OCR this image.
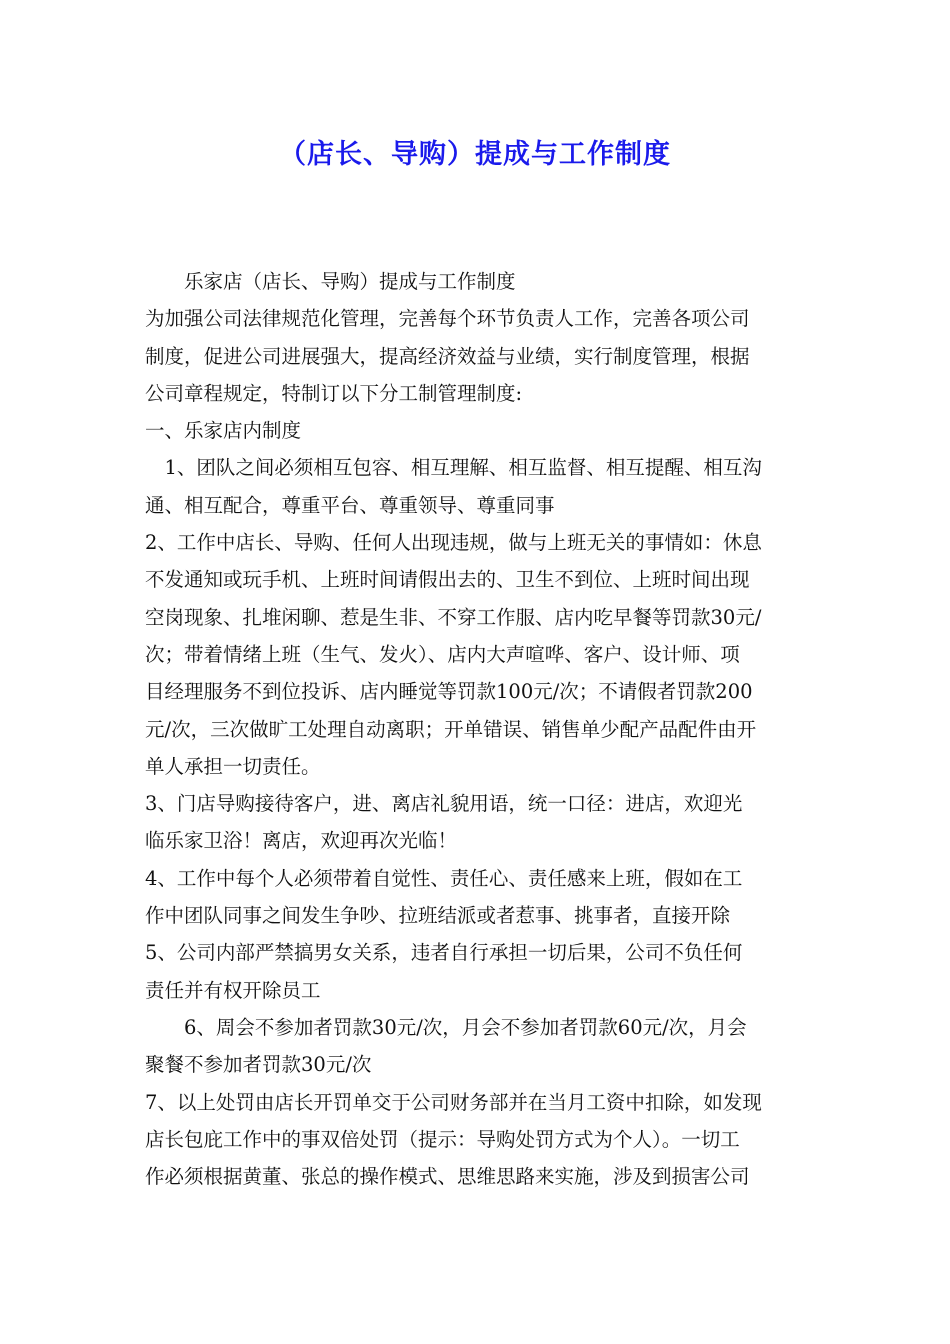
（店长、导购）提成与工作制度
　　乐家店（店长、导购）提成与工作制度
为加强公司法律规范化管理，完善每个环节负责人工作，完善各项公司
制度，促进公司进展强大，提高经济效益与业绩，实行制度管理，根据
公司章程规定，特制订以下分工制管理制度:
一、乐家店内制度
　1、团队之间必须相互包容、相互理解、相互监督、相互提醒、相互沟
通、相互配合，尊重平台、尊重领导、尊重同事
2、工作中店长、导购、任何人出现违规，做与上班无关的事情如：休息
不发通知或玩手机、上班时间请假出去的、卫生不到位、上班时间出现
空岗现象、扎堆闲聊、惹是生非、不穿工作服、店内吃早餐等罚款30元/
次；带着情绪上班（生气、发火）、店内大声喧哗、客户、设计师、项
目经理服务不到位投诉、店内睡觉等罚款100元/次；不请假者罚款200
元/次，三次做旷工处理自动离职；开单错误、销售单少配产品配件由开
单人承担一切责任。
3、门店导购接待客户，进、离店礼貌用语，统一口径：进店，欢迎光
临乐家卫浴！离店，欢迎再次光临！
4、工作中每个人必须带着自觉性、责任心、责任感来上班，假如在工
作中团队同事之间发生争吵、拉班结派或者惹事、挑事者，直接开除
5、公司内部严禁搞男女关系，违者自行承担一切后果，公司不负任何
责任并有权开除员工
　　6、周会不参加者罚款30元/次，月会不参加者罚款60元/次，月会
聚餐不参加者罚款30元/次
7、以上处罚由店长开罚单交于公司财务部并在当月工资中扣除，如发现
店长包庇工作中的事双倍处罚（提示：导购处罚方式为个人）。一切工
作必须根据黄董、张总的操作模式、思维思路来实施，涉及到损害公司
